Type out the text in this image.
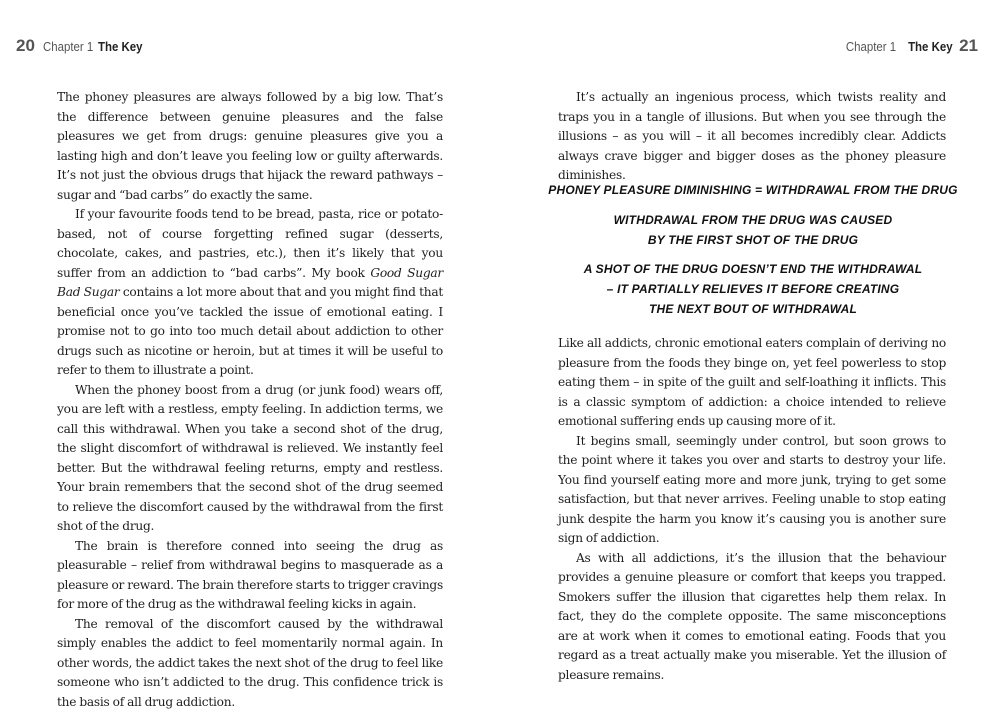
20 Chapter 1 The Key

The phoney pleasures are always followed by a big low. That’s the difference between genuine pleasures and the false pleasures we get from drugs: genuine pleasures give you a lasting high and don’t leave you feeling low or guilty afterwards. It’s not just the obvious drugs that hijack the reward pathways – sugar and “bad carbs” do exactly the same.

If your favourite foods tend to be bread, pasta, rice or potato-based, not of course forgetting refined sugar (desserts, chocolate, cakes, and pastries, etc.), then it’s likely that you suffer from an addiction to “bad carbs”. My book Good Sugar Bad Sugar contains a lot more about that and you might find that beneficial once you’ve tackled the issue of emotional eating. I promise not to go into too much detail about addiction to other drugs such as nicotine or heroin, but at times it will be useful to refer to them to illustrate a point.

When the phoney boost from a drug (or junk food) wears off, you are left with a restless, empty feeling. In addiction terms, we call this withdrawal. When you take a second shot of the drug, the slight discomfort of withdrawal is relieved. We instantly feel better. But the withdrawal feeling returns, empty and restless. Your brain remembers that the second shot of the drug seemed to relieve the discomfort caused by the withdrawal from the first shot of the drug.

The brain is therefore conned into seeing the drug as pleasurable – relief from withdrawal begins to masquerade as a pleasure or reward. The brain therefore starts to trigger cravings for more of the drug as the withdrawal feeling kicks in again.

The removal of the discomfort caused by the withdrawal simply enables the addict to feel momentarily normal again. In other words, the addict takes the next shot of the drug to feel like someone who isn’t addicted to the drug. This confidence trick is the basis of all drug addiction.

Chapter 1 The Key 21

It’s actually an ingenious process, which twists reality and traps you in a tangle of illusions. But when you see through the illusions – as you will – it all becomes incredibly clear. Addicts always crave bigger and bigger doses as the phoney pleasure diminishes.

PHONEY PLEASURE DIMINISHING = WITHDRAWAL FROM THE DRUG
WITHDRAWAL FROM THE DRUG WAS CAUSED
BY THE FIRST SHOT OF THE DRUG
A SHOT OF THE DRUG DOESN’T END THE WITHDRAWAL
– IT PARTIALLY RELIEVES IT BEFORE CREATING
THE NEXT BOUT OF WITHDRAWAL

Like all addicts, chronic emotional eaters complain of deriving no pleasure from the foods they binge on, yet feel powerless to stop eating them – in spite of the guilt and self-loathing it inflicts. This is a classic symptom of addiction: a choice intended to relieve emotional suffering ends up causing more of it.

It begins small, seemingly under control, but soon grows to the point where it takes you over and starts to destroy your life. You find yourself eating more and more junk, trying to get some satisfaction, but that never arrives. Feeling unable to stop eating junk despite the harm you know it’s causing you is another sure sign of addiction.

As with all addictions, it’s the illusion that the behaviour provides a genuine pleasure or comfort that keeps you trapped. Smokers suffer the illusion that cigarettes help them relax. In fact, they do the complete opposite. The same misconceptions are at work when it comes to emotional eating. Foods that you regard as a treat actually make you miserable. Yet the illusion of pleasure remains.
